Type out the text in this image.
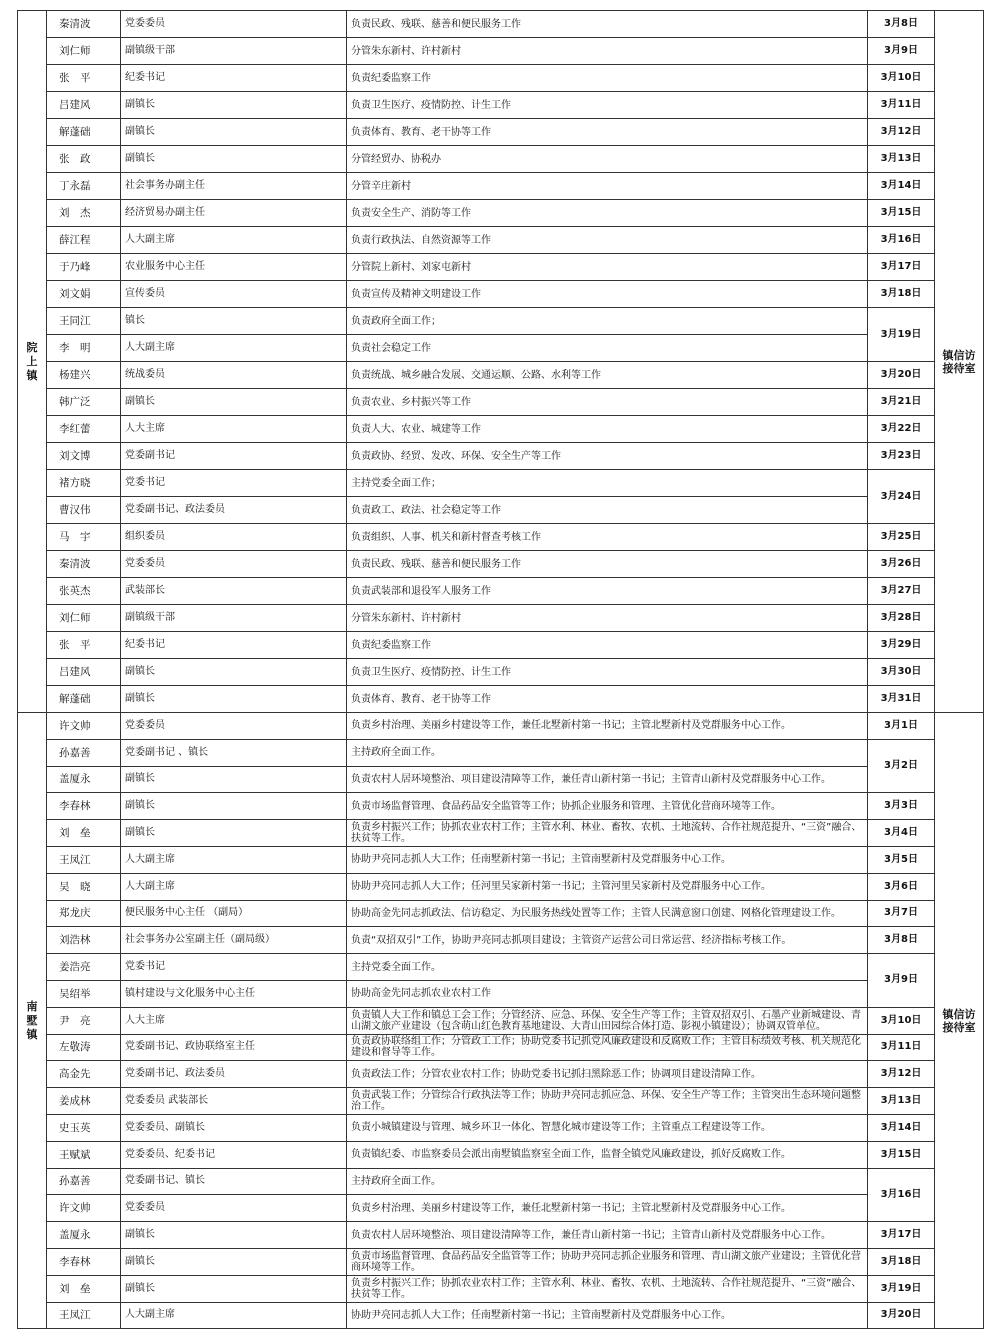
院上镇	秦清波	党委委员	负责民政、残联、慈善和便民服务工作	3月8日	镇信访接待室
	刘仁师	副镇级干部	分管朱东新村、许村新村	3月9日	
	张　平	纪委书记	负责纪委监察工作	3月10日	
	吕建风	副镇长	负责卫生医疗、疫情防控、计生工作	3月11日	
	解蓬础	副镇长	负责体育、教育、老干协等工作	3月12日	
	张　政	副镇长	分管经贸办、协税办	3月13日	
	丁永磊	社会事务办副主任	分管辛庄新村	3月14日	
	刘　杰	经济贸易办副主任	负责安全生产、消防等工作	3月15日	
	薛江程	人大副主席	负责行政执法、自然资源等工作	3月16日	
	于乃峰	农业服务中心主任	分管院上新村、刘家屯新村	3月17日	
	刘文娟	宣传委员	负责宣传及精神文明建设工作	3月18日	
	王同江	镇长	负责政府全面工作；	3月19日	
	李　明	人大副主席	负责社会稳定工作		
	杨建兴	统战委员	负责统战、城乡融合发展、交通运顺、公路、水利等工作	3月20日	
	韩广泛	副镇长	负责农业、乡村振兴等工作	3月21日	
	李红蕾	人大主席	负责人大、农业、城建等工作	3月22日	
	刘文博	党委副书记	负责政协、经贸、发改、环保、安全生产等工作	3月23日	
	褚方晓	党委书记	主持党委全面工作；	3月24日	
	曹汉伟	党委副书记、政法委员	负责政工、政法、社会稳定等工作		
	马　宇	组织委员	负责组织、人事、机关和新村督查考核工作	3月25日	
	秦清波	党委委员	负责民政、残联、慈善和便民服务工作	3月26日	
	张英杰	武装部长	负责武装部和退役军人服务工作	3月27日	
	刘仁师	副镇级干部	分管朱东新村、许村新村	3月28日	
	张　平	纪委书记	负责纪委监察工作	3月29日	
	吕建风	副镇长	负责卫生医疗、疫情防控、计生工作	3月30日	
	解蓬础	副镇长	负责体育、教育、老干协等工作	3月31日	

南墅镇	许文帅	党委委员	负责乡村治理、美丽乡村建设等工作，兼任北墅新村第一书记；主管北墅新村及党群服务中心工作。	3月1日	镇信访接待室
	孙嘉善	党委副书记 、镇长	主持政府全面工作。	3月2日	
	盖厦永	副镇长	负责农村人居环境整治、项目建设清障等工作，兼任青山新村第一书记；主管青山新村及党群服务中心工作。		
	李春林	副镇长	负责市场监督管理、食品药品安全监管等工作；协抓企业服务和管理、主管优化营商环境等工作。	3月3日	
	刘　垒	副镇长	负责乡村振兴工作；协抓农业农村工作；主管水利、林业、畜牧、农机、土地流转、合作社规范提升、“三资”融合、扶贫等工作。	3月4日	
	王凤江	人大副主席	协助尹亮同志抓人大工作；任南墅新村第一书记；主管南墅新村及党群服务中心工作。	3月5日	
	吴　晓	人大副主席	协助尹亮同志抓人大工作；任河里吴家新村第一书记；主管河里吴家新村及党群服务中心工作。	3月6日	
	郑龙庆	便民服务中心主任 （副局）	协助高金先同志抓政法、信访稳定、为民服务热线处置等工作；主管人民满意窗口创建、网格化管理建设工作。	3月7日	
	刘浩林	社会事务办公室副主任（副局级）	负责“双招双引”工作，协助尹亮同志抓项目建设；主管资产运营公司日常运营、经济指标考核工作。	3月8日	
	姜浩亮	党委书记	主持党委全面工作。	3月9日	
	吴绍举	镇村建设与文化服务中心主任	协助高金先同志抓农业农村工作		
	尹　亮	人大主席	负责镇人大工作和镇总工会工作；分管经济、应急、环保、安全生产等工作；主管双招双引、石墨产业新城建设、青山湖文旅产业建设（包含萌山红色教育基地建设、大青山田园综合体打造、影视小镇建设）；协调双管单位。	3月10日	
	左敬涛	党委副书记、政协联络室主任	负责政协联络组工作；分管政工工作；协助党委书记抓党风廉政建设和反腐败工作；主管目标绩效考核、机关规范化建设和督导等工作。	3月11日	
	高金先	党委副书记、政法委员	负责政法工作；分管农业农村工作；协助党委书记抓扫黑除恶工作；协调项目建设清障工作。	3月12日	
	姜成林	党委委员 武装部长	负责武装工作；分管综合行政执法等工作；协助尹亮同志抓应急、环保、安全生产等工作；主管突出生态环境问题整治工作。	3月13日	
	史玉英	党委委员、副镇长	负责小城镇建设与管理、城乡环卫一体化、智慧化城市建设等工作；主管重点工程建设等工作。	3月14日	
	王赋斌	党委委员、纪委书记	负责镇纪委、市监察委员会派出南墅镇监察室全面工作，监督全镇党风廉政建设，抓好反腐败工作。	3月15日	
	孙嘉善	党委副书记、镇长	主持政府全面工作。	3月16日	
	许文帅	党委委员	负责乡村治理、美丽乡村建设等工作，兼任北墅新村第一书记；主管北墅新村及党群服务中心工作。		
	盖厦永	副镇长	负责农村人居环境整治、项目建设清障等工作，兼任青山新村第一书记；主管青山新村及党群服务中心工作。	3月17日	
	李春林	副镇长	负责市场监督管理、食品药品安全监管等工作；协助尹亮同志抓企业服务和管理、青山湖文旅产业建设；主管优化营商环境等工作。	3月18日	
	刘　垒	副镇长	负责乡村振兴工作；协抓农业农村工作；主管水利、林业、畜牧、农机、土地流转、合作社规范提升、“三资”融合、扶贫等工作。	3月19日	
	王凤江	人大副主席	协助尹亮同志抓人大工作；任南墅新村第一书记；主管南墅新村及党群服务中心工作。	3月20日	
